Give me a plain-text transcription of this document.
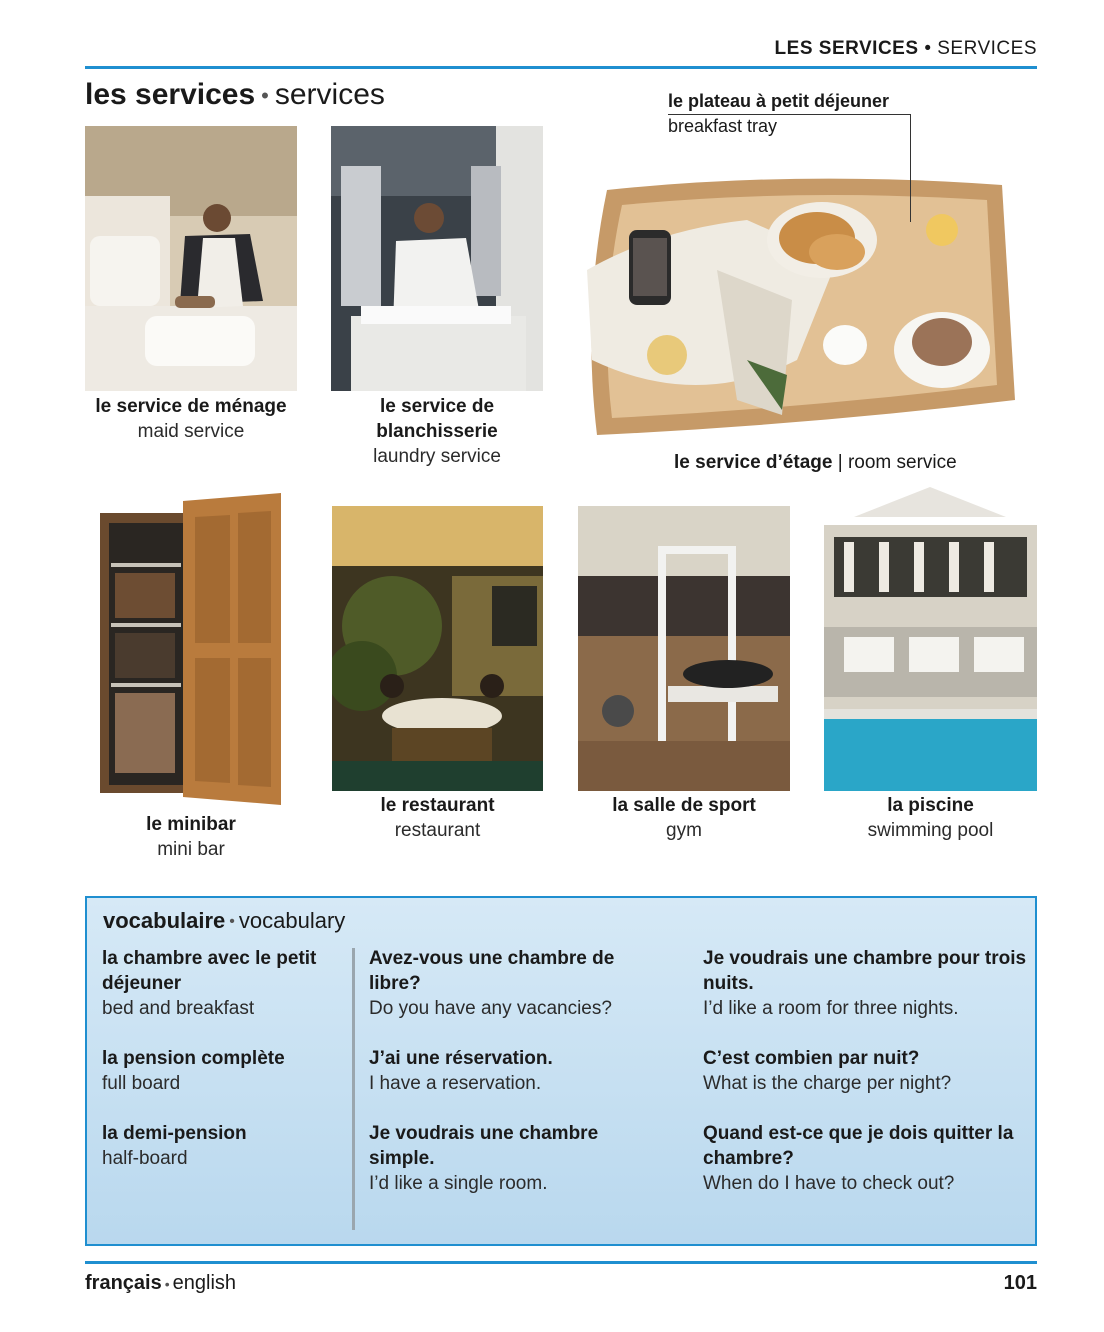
LES SERVICES • SERVICES
les services • services
le service de ménage
maid service
le service de blanchisserie
laundry service
le plateau à petit déjeuner
breakfast tray
le service d’étage | room service
le minibar
mini bar
le restaurant
restaurant
la salle de sport
gym
la piscine
swimming pool
vocabulaire • vocabulary
la chambre avec le petit déjeuner
bed and breakfast
la pension complète
full board
la demi-pension
half-board
Avez-vous une chambre de libre?
Do you have any vacancies?
J’ai une réservation.
I have a reservation.
Je voudrais une chambre simple.
I’d like a single room.
Je voudrais une chambre pour trois nuits.
I’d like a room for three nights.
C’est combien par nuit?
What is the charge per night?
Quand est-ce que je dois quitter la chambre?
When do I have to check out?
français • english	101
